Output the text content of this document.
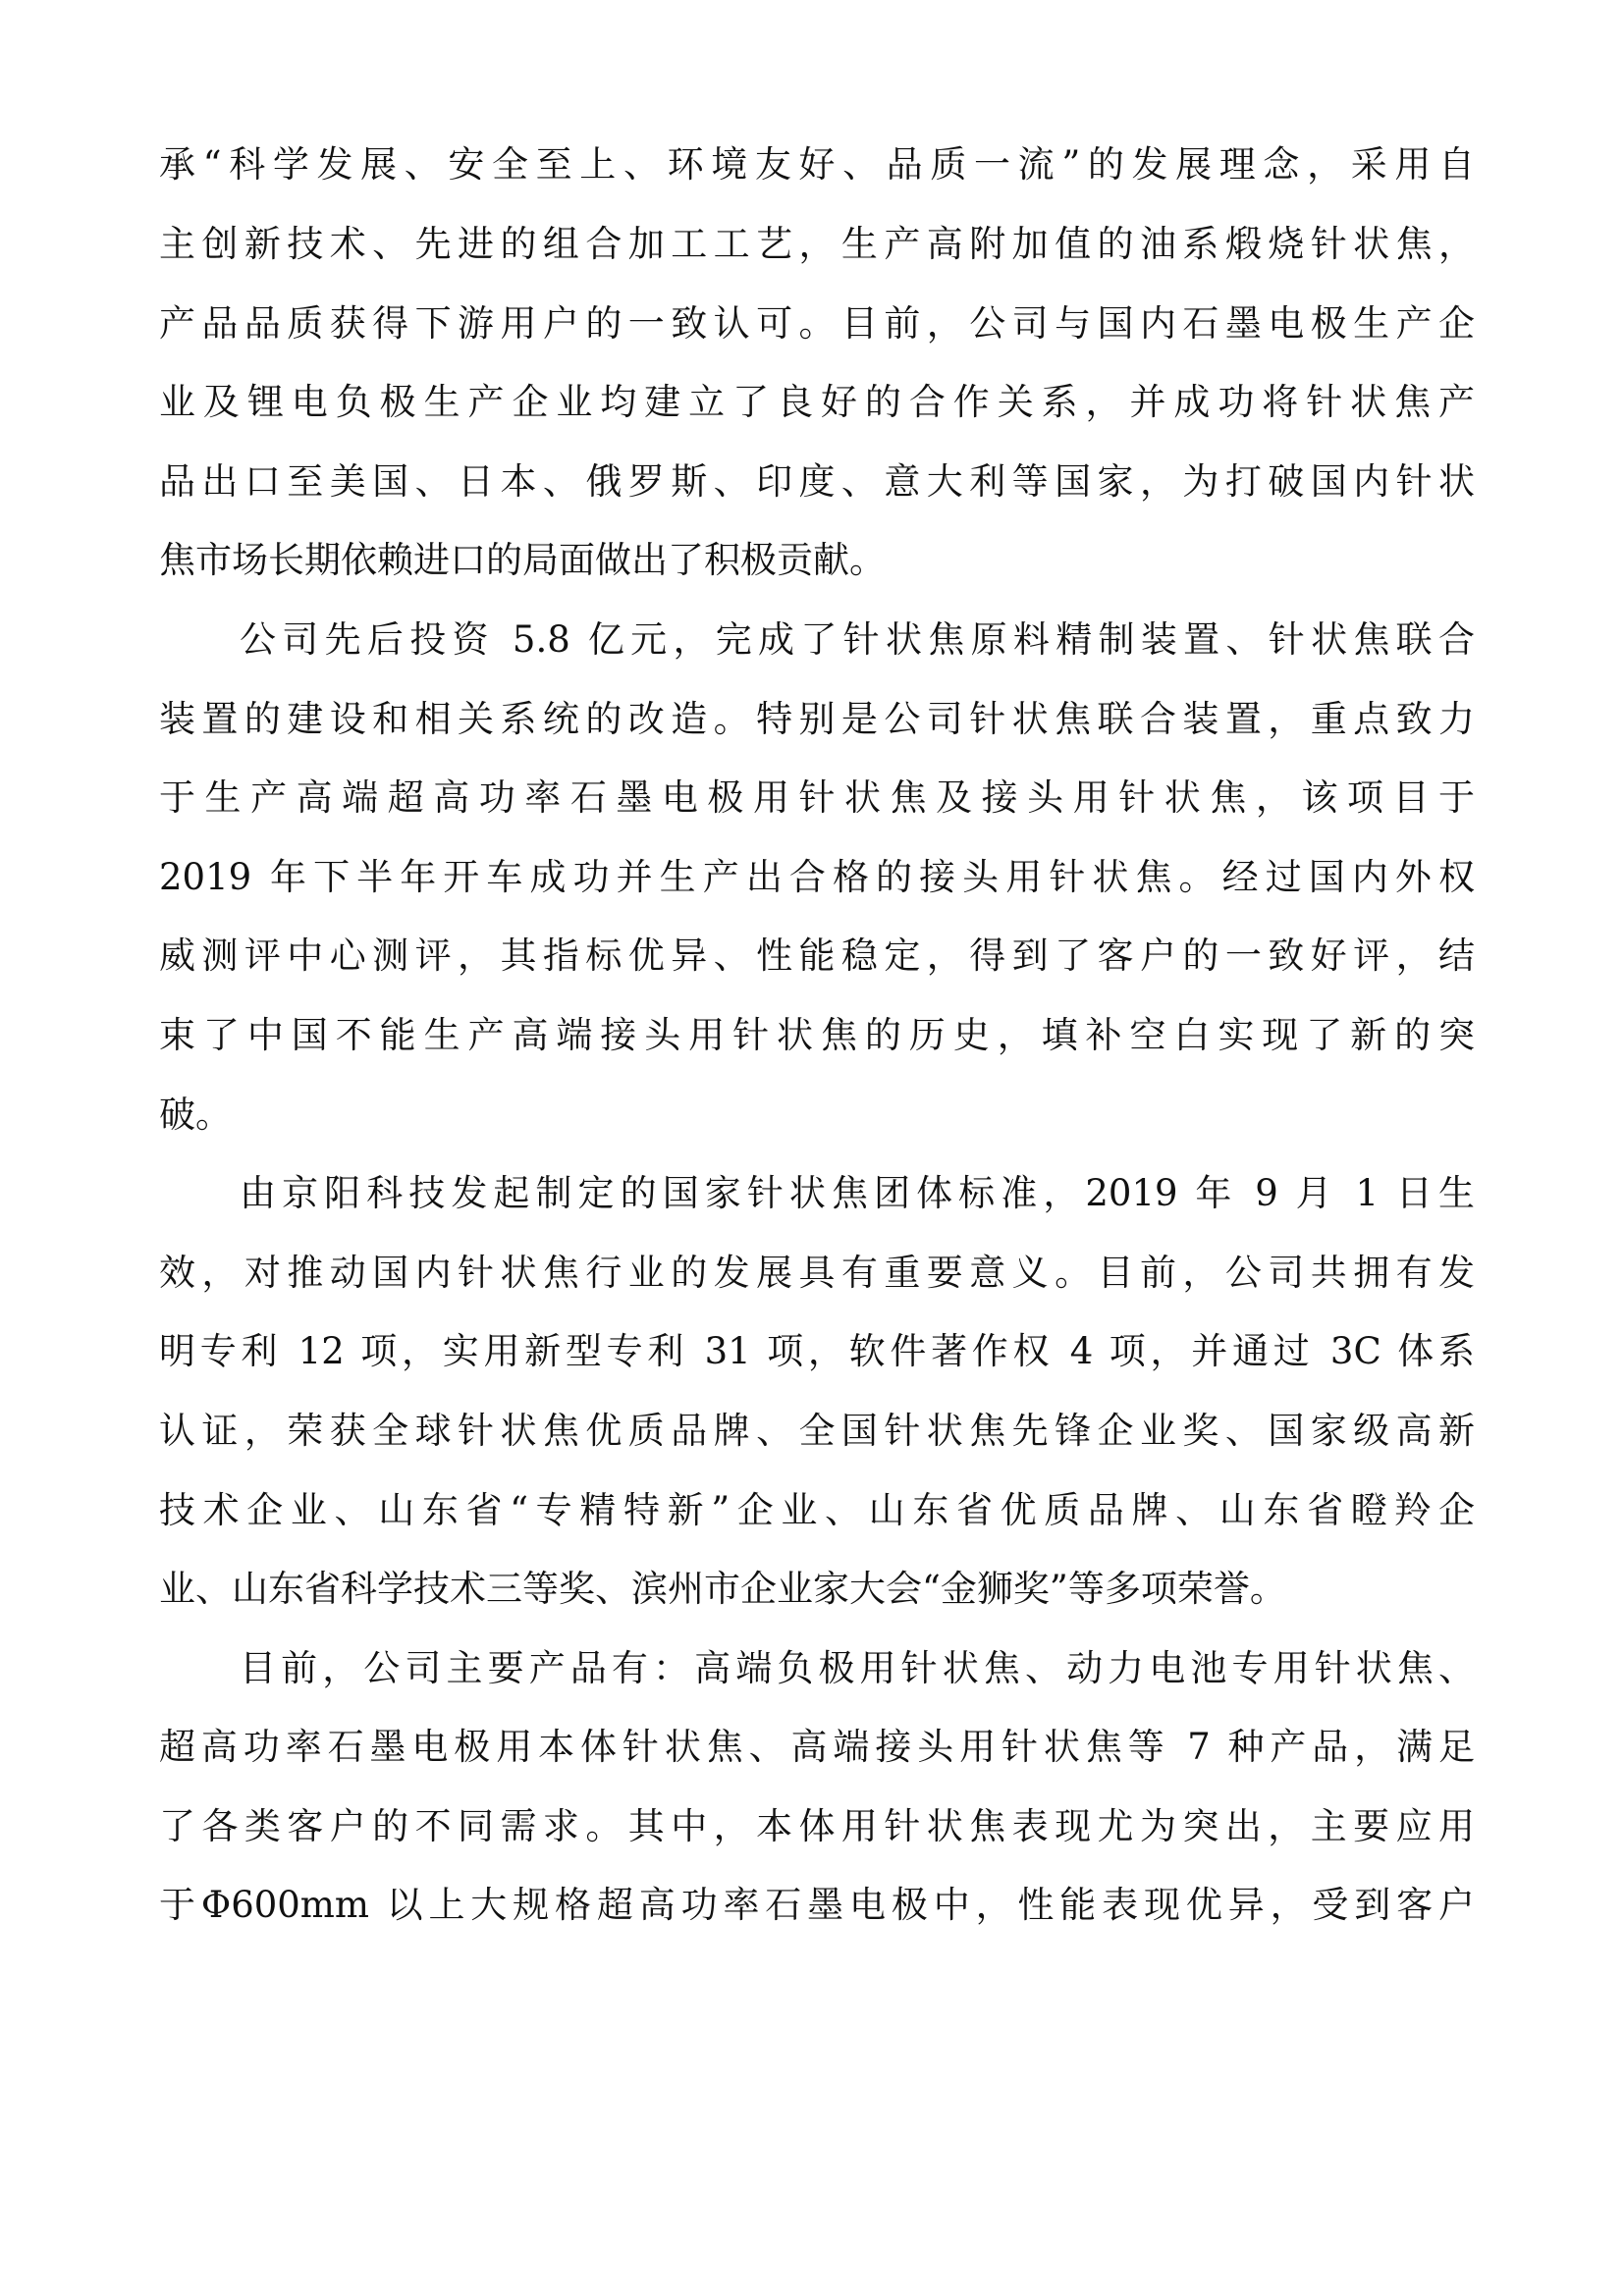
承“科学发展、安全至上、环境友好、品质一流”的发展理念，采用自
主创新技术、先进的组合加工工艺，生产高附加值的油系煅烧针状焦，
产品品质获得下游用户的一致认可。目前，公司与国内石墨电极生产企
业及锂电负极生产企业均建立了良好的合作关系，并成功将针状焦产
品出口至美国、日本、俄罗斯、印度、意大利等国家，为打破国内针状
焦市场长期依赖进口的局面做出了积极贡献。
公司先后投资 5.8 亿元，完成了针状焦原料精制装置、针状焦联合
装置的建设和相关系统的改造。特别是公司针状焦联合装置，重点致力
于生产高端超高功率石墨电极用针状焦及接头用针状焦，该项目于
2019 年下半年开车成功并生产出合格的接头用针状焦。经过国内外权
威测评中心测评，其指标优异、性能稳定，得到了客户的一致好评，结
束了中国不能生产高端接头用针状焦的历史，填补空白实现了新的突
破。
由京阳科技发起制定的国家针状焦团体标准，2019 年 9 月 1 日生
效，对推动国内针状焦行业的发展具有重要意义。目前，公司共拥有发
明专利 12 项，实用新型专利 31 项，软件著作权 4 项，并通过 3C 体系
认证，荣获全球针状焦优质品牌、全国针状焦先锋企业奖、国家级高新
技术企业、山东省“专精特新”企业、山东省优质品牌、山东省瞪羚企
业、山东省科学技术三等奖、滨州市企业家大会“金狮奖”等多项荣誉。
目前，公司主要产品有：高端负极用针状焦、动力电池专用针状焦、
超高功率石墨电极用本体针状焦、高端接头用针状焦等 7 种产品，满足
了各类客户的不同需求。其中，本体用针状焦表现尤为突出，主要应用
于Φ600mm 以上大规格超高功率石墨电极中，性能表现优异，受到客户
